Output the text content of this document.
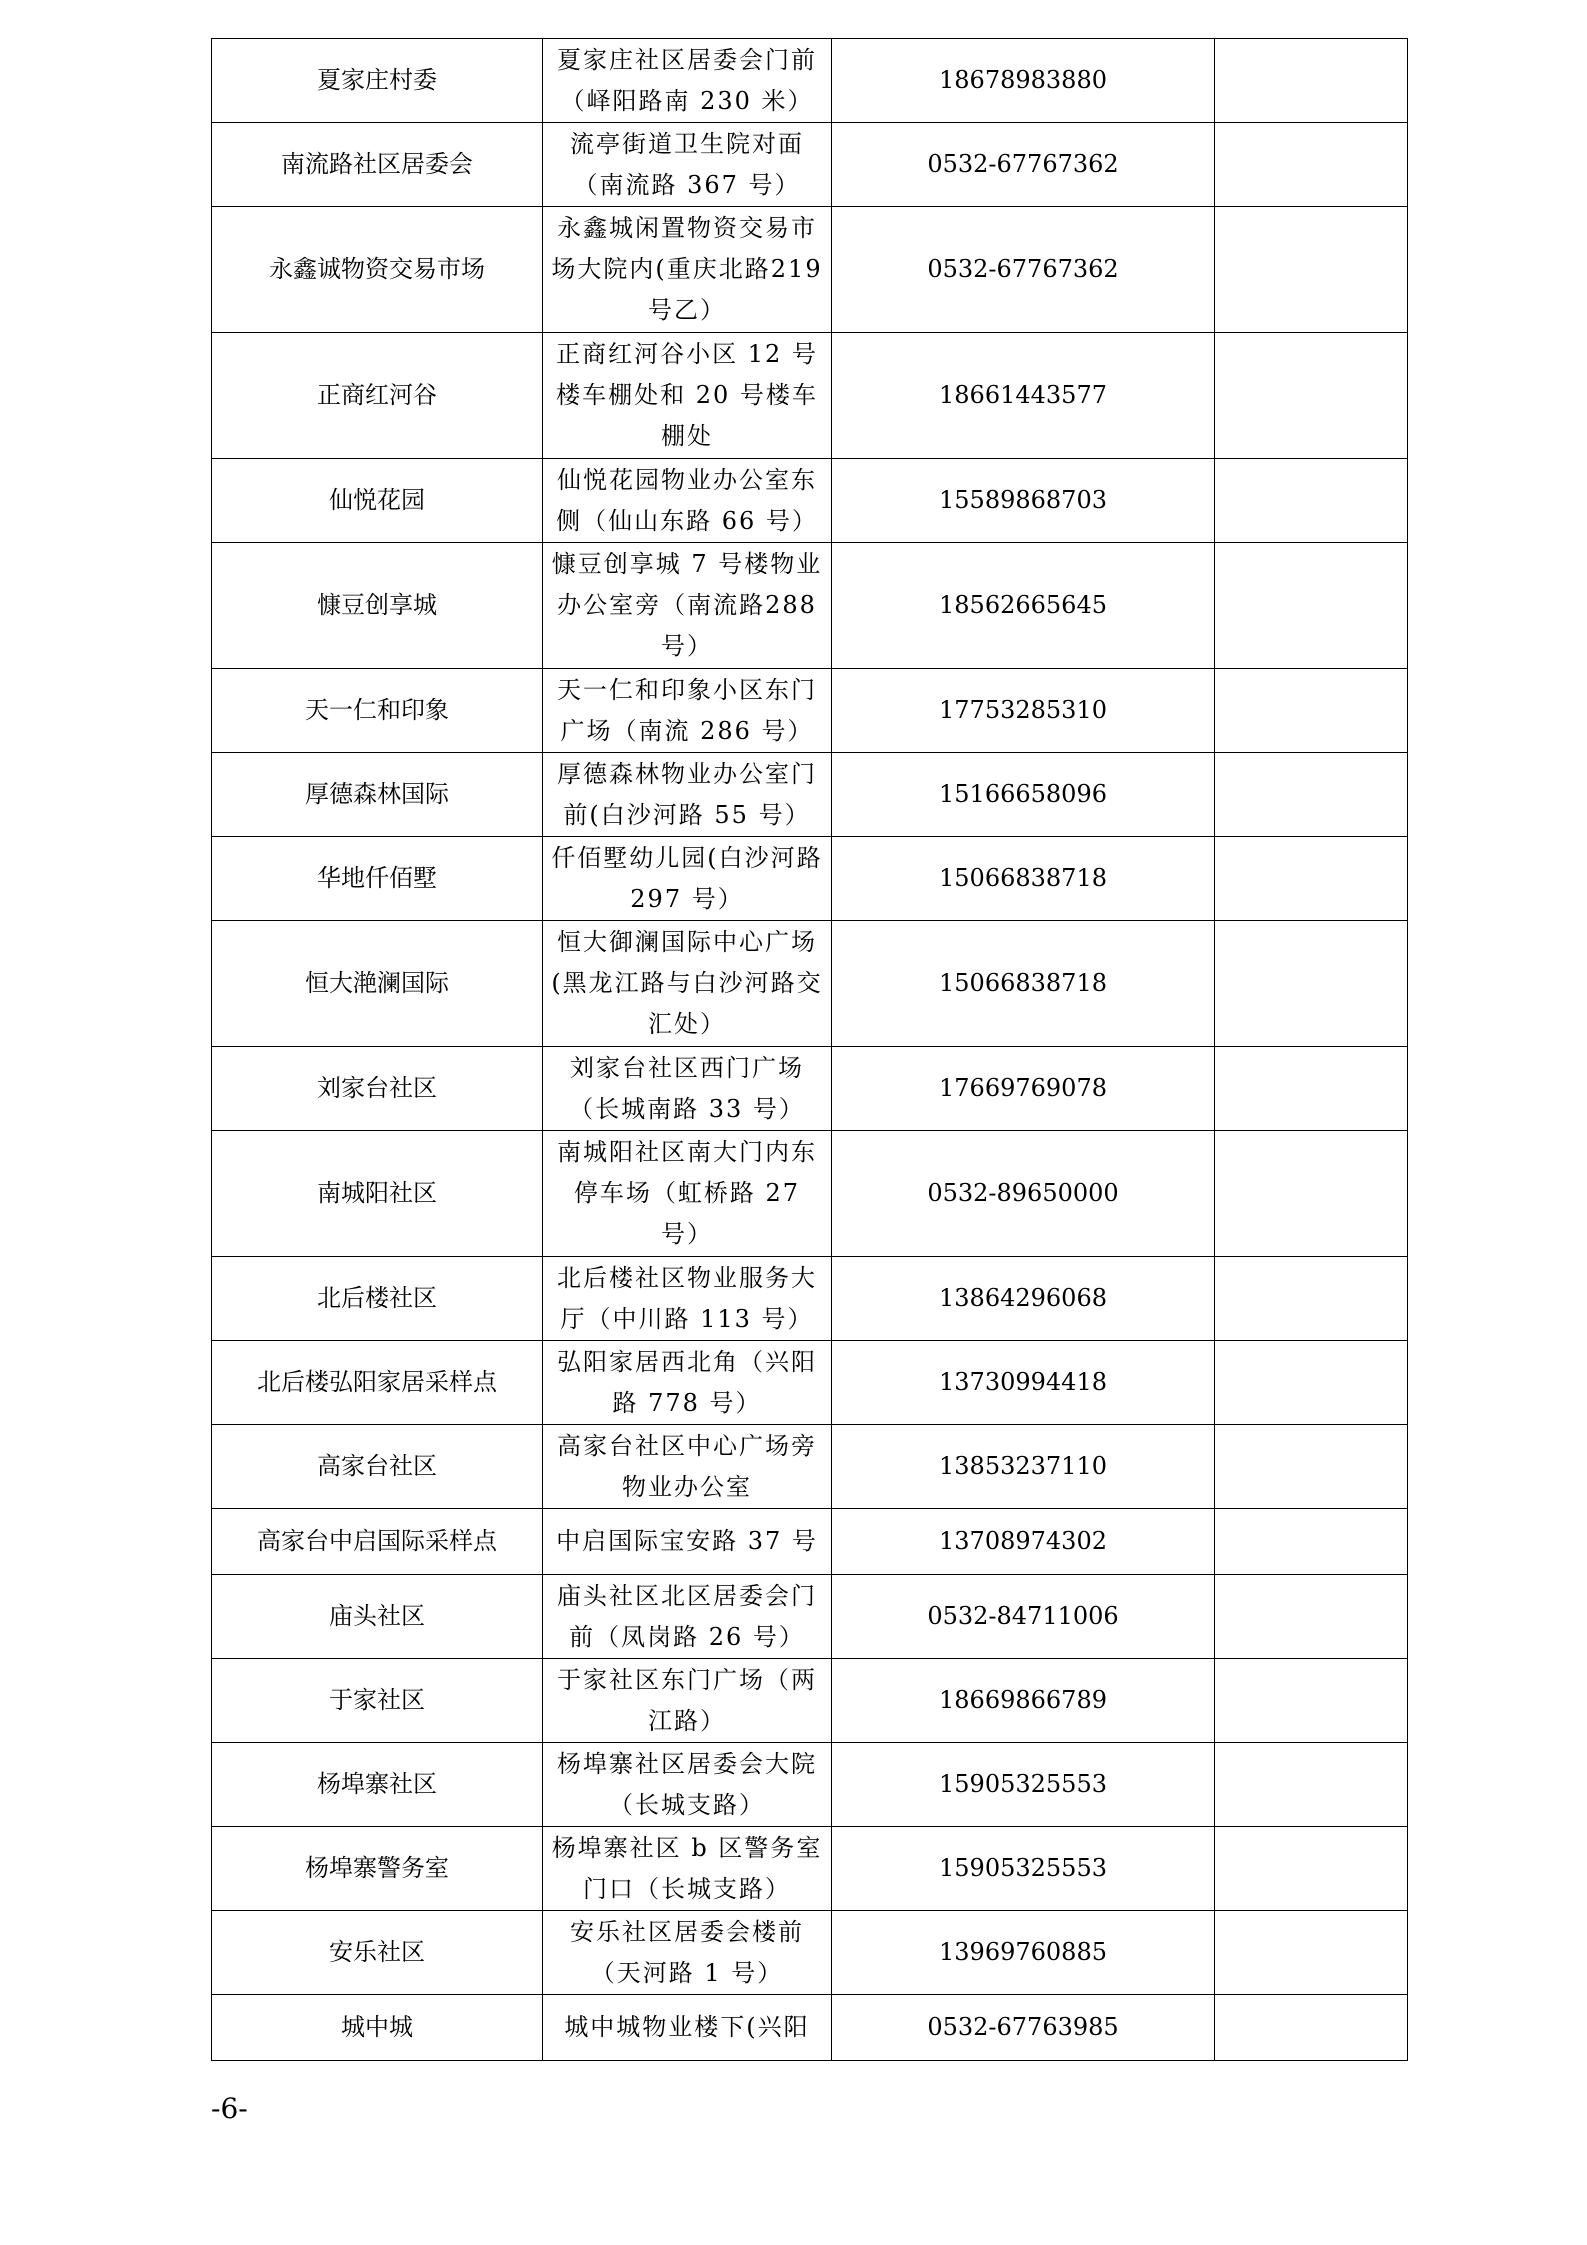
夏家庄村委	夏家庄社区居委会门前（峄阳路南 230 米）	18678983880	
南流路社区居委会	流亭街道卫生院对面（南流路 367 号）	0532-67767362	
永鑫诚物资交易市场	永鑫城闲置物资交易市场大院内(重庆北路219 号乙）	0532-67767362	
正商红河谷	正商红河谷小区 12 号楼车棚处和 20 号楼车棚处	18661443577	
仙悦花园	仙悦花园物业办公室东侧（仙山东路 66 号）	15589868703	
慷豆创享城	慷豆创享城 7 号楼物业办公室旁（南流路288 号）	18562665645	
天一仁和印象	天一仁和印象小区东门广场（南流 286 号）	17753285310	
厚德森林国际	厚德森林物业办公室门前(白沙河路 55 号）	15166658096	
华地仟佰墅	仟佰墅幼儿园(白沙河路 297 号）	15066838718	
恒大滟澜国际	恒大御澜国际中心广场(黑龙江路与白沙河路交汇处）	15066838718	
刘家台社区	刘家台社区西门广场（长城南路 33 号）	17669769078	
南城阳社区	南城阳社区南大门内东停车场（虹桥路 27号）	0532-89650000	
北后楼社区	北后楼社区物业服务大厅（中川路 113 号）	13864296068	
北后楼弘阳家居采样点	弘阳家居西北角（兴阳路 778 号）	13730994418	
高家台社区	高家台社区中心广场旁物业办公室	13853237110	
高家台中启国际采样点	中启国际宝安路 37 号	13708974302	
庙头社区	庙头社区北区居委会门前（凤岗路 26 号）	0532-84711006	
于家社区	于家社区东门广场（两江路）	18669866789	
杨埠寨社区	杨埠寨社区居委会大院（长城支路）	15905325553	
杨埠寨警务室	杨埠寨社区 b 区警务室门口（长城支路）	15905325553	
安乐社区	安乐社区居委会楼前（天河路 1 号）	13969760885	
城中城	城中城物业楼下(兴阳	0532-67763985	
-6-
